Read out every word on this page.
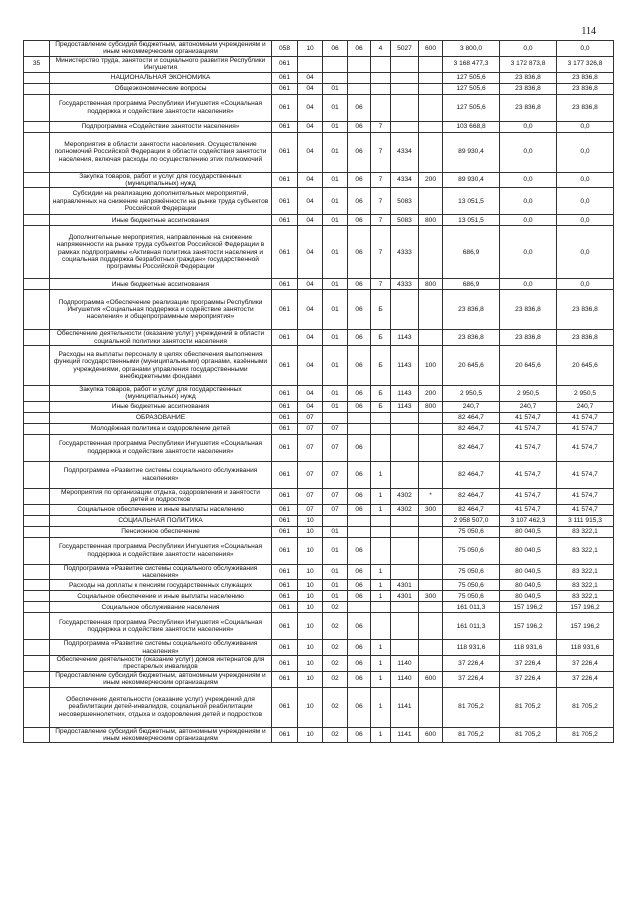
114
	Предоставление субсидий бюджетным, автономным учреждениям и иным некоммерческим организациям	058	10	06	06	4	5027	600	3 800,0	0,0	0,0
35	Министерство труда, занятости и социального развития Республики Ингушетия	061							3 168 477,3	3 172 873,8	3 177 326,8
	НАЦИОНАЛЬНАЯ ЭКОНОМИКА	061	04						127 505,6	23 836,8	23 836,8
	Общеэкономические вопросы	061	04	01					127 505,6	23 836,8	23 836,8
	Государственная программа Республики Ингушетия «Социальная поддержка и содействие занятости населения»	061	04	01	06				127 505,6	23 836,8	23 836,8
	Подпрограмма «Содействие занятости населения»	061	04	01	06	7			103 668,8	0,0	0,0
	Мероприятия в области занятости населения. Осуществление полномочий Российской Федерации в области содействия занятости населения, включая расходы по осуществлению этих полномочий	061	04	01	06	7	4334		89 930,4	0,0	0,0
	Закупка товаров, работ и услуг для государственных (муниципальных) нужд	061	04	01	06	7	4334	200	89 930,4	0,0	0,0
	Субсидии на реализацию дополнительных мероприятий, направленных на снижение напряжённости на рынке труда субъектов Российской Федерации	061	04	01	06	7	5083		13 051,5	0,0	0,0
	Иные бюджетные ассигнования	061	04	01	06	7	5083	800	13 051,5	0,0	0,0
	Дополнительные мероприятия, направленные на снижение напряженности на рынке труда субъектов Российской Федерации в рамках подпрограммы «Активная политика занятости населения и социальная поддержка безработных граждан» государственной программы Российской Федерации	061	04	01	06	7	4333		686,9	0,0	0,0
	Иные бюджетные ассигнования	061	04	01	06	7	4333	800	686,9	0,0	0,0
	Подпрограмма «Обеспечение реализации программы Республики Ингушетия «Социальная поддержка и содействие занятости населения» и общепрограммные мероприятия»	061	04	01	06	Б			23 836,8	23 836,8	23 836,8
	Обеспечение деятельности (оказание услуг) учреждений в области социальной политики занятости населения	061	04	01	06	Б	1143		23 836,8	23 836,8	23 836,8
	Расходы на выплаты персоналу в целях обеспечения выполнения функций государственными (муниципальными) органами, казёнными учреждениями, органами управления государственными внебюджетными фондами	061	04	01	06	Б	1143	100	20 645,6	20 645,6	20 645,6
	Закупка товаров, работ и услуг для государственных (муниципальных) нужд	061	04	01	06	Б	1143	200	2 950,5	2 950,5	2 950,5
	Иные бюджетные ассигнования	061	04	01	06	Б	1143	800	240,7	240,7	240,7
	ОБРАЗОВАНИЕ	061	07						82 464,7	41 574,7	41 574,7
	Молодёжная политика и оздоровление детей	061	07	07					82 464,7	41 574,7	41 574,7
	Государственная программа Республики Ингушетия «Социальная поддержка и содействие занятости населения»	061	07	07	06				82 464,7	41 574,7	41 574,7
	Подпрограмма «Развитие системы социального обслуживания населения»	061	07	07	06	1			82 464,7	41 574,7	41 574,7
	Мероприятия по организации отдыха, оздоровления и занятости детей и подростков	061	07	07	06	1	4302	*	82 464,7	41 574,7	41 574,7
	Социальное обеспечение и иные выплаты населению	061	07	07	06	1	4302	300	82 464,7	41 574,7	41 574,7
	СОЦИАЛЬНАЯ ПОЛИТИКА	061	10						2 958 507,0	3 107 462,3	3 111 915,3
	Пенсионное обеспечение	061	10	01					75 050,6	80 040,5	83 322,1
	Государственная программа Республики Ингушетия «Социальная поддержка и содействие занятости населения»	061	10	01	06				75 050,6	80 040,5	83 322,1
	Подпрограмма «Развитие системы социального обслуживания населения»	061	10	01	06	1			75 050,6	80 040,5	83 322,1
	Расходы на доплаты к пенсиям государственных служащих	061	10	01	06	1	4301		75 050,6	80 040,5	83 322,1
	Социальное обеспечение и иные выплаты населению	061	10	01	06	1	4301	300	75 050,6	80 040,5	83 322,1
	Социальное обслуживание населения	061	10	02					161 011,3	157 196,2	157 196,2
	Государственная программа Республики Ингушетия «Социальная поддержка и содействие занятости населения»	061	10	02	06				161 011,3	157 196,2	157 196,2
	Подпрограмма «Развитие системы социального обслуживания населения»	061	10	02	06	1			118 931,6	118 931,6	118 931,6
	Обеспечение деятельности (оказание услуг) домов интернатов для престарелых инвалидов	061	10	02	06	1	1140		37 226,4	37 226,4	37 226,4
	Предоставление субсидий бюджетным, автономным учреждениям и иным некоммерческим организациям	061	10	02	06	1	1140	600	37 226,4	37 226,4	37 226,4
	Обеспечение деятельности (оказание услуг) учреждений для реабилитации детей-инвалидов, социальной реабилитации несовершеннолетних, отдыха и оздоровления детей и подростков	061	10	02	06	1	1141		81 705,2	81 705,2	81 705,2
	Предоставление субсидий бюджетным, автономным учреждениям и иным некоммерческим организациям	061	10	02	06	1	1141	600	81 705,2	81 705,2	81 705,2
